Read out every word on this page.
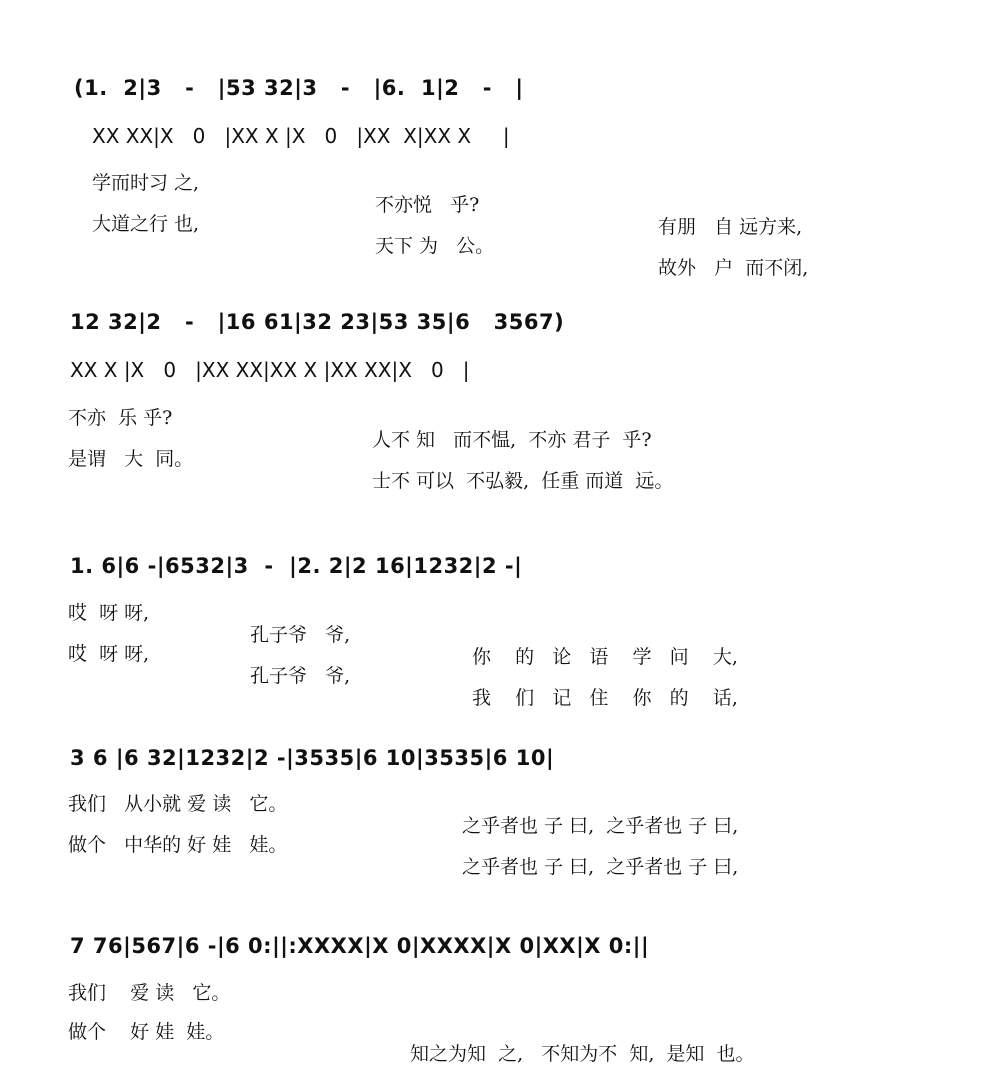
(1.  2|3   -   |53 32|3   -   |6.  1|2   -   |

XX XX|X   0   |XX X |X   0   |XX  X|XX X     |

学而时习 之,

不亦悦   乎?

有朋   自 远方来,

大道之行 也,

天下 为   公。

故外   户  而不闭,

12 32|2   -   |16 61|32 23|53 35|6   3567)

XX X |X   0   |XX XX|XX X |XX XX|X   0   |

不亦  乐 乎?

人不 知   而不愠,  不亦 君子  乎?

是谓   大  同。

士不 可以  不弘毅,  任重 而道  远。

1. 6|6 -|6532|3  -  |2. 2|2 16|1232|2 -|

哎  呀 呀,

孔子爷   爷,

你    的   论   语    学   问    大,

哎  呀 呀,

孔子爷   爷,

我    们   记   住    你   的    话,

3 6 |6 32|1232|2 -|3535|6 10|3535|6 10|

我们   从小就 爱 读   它。

之乎者也 子 曰,  之乎者也 子 曰,

做个   中华的 好 娃   娃。

之乎者也 子 曰,  之乎者也 子 曰,

7 76|567|6 -|6 0:||:XXXX|X 0|XXXX|X 0|XX|X 0:||

我们    爱 读   它。

做个    好 娃  娃。

知之为知  之,   不知为不  知,  是知  也。
